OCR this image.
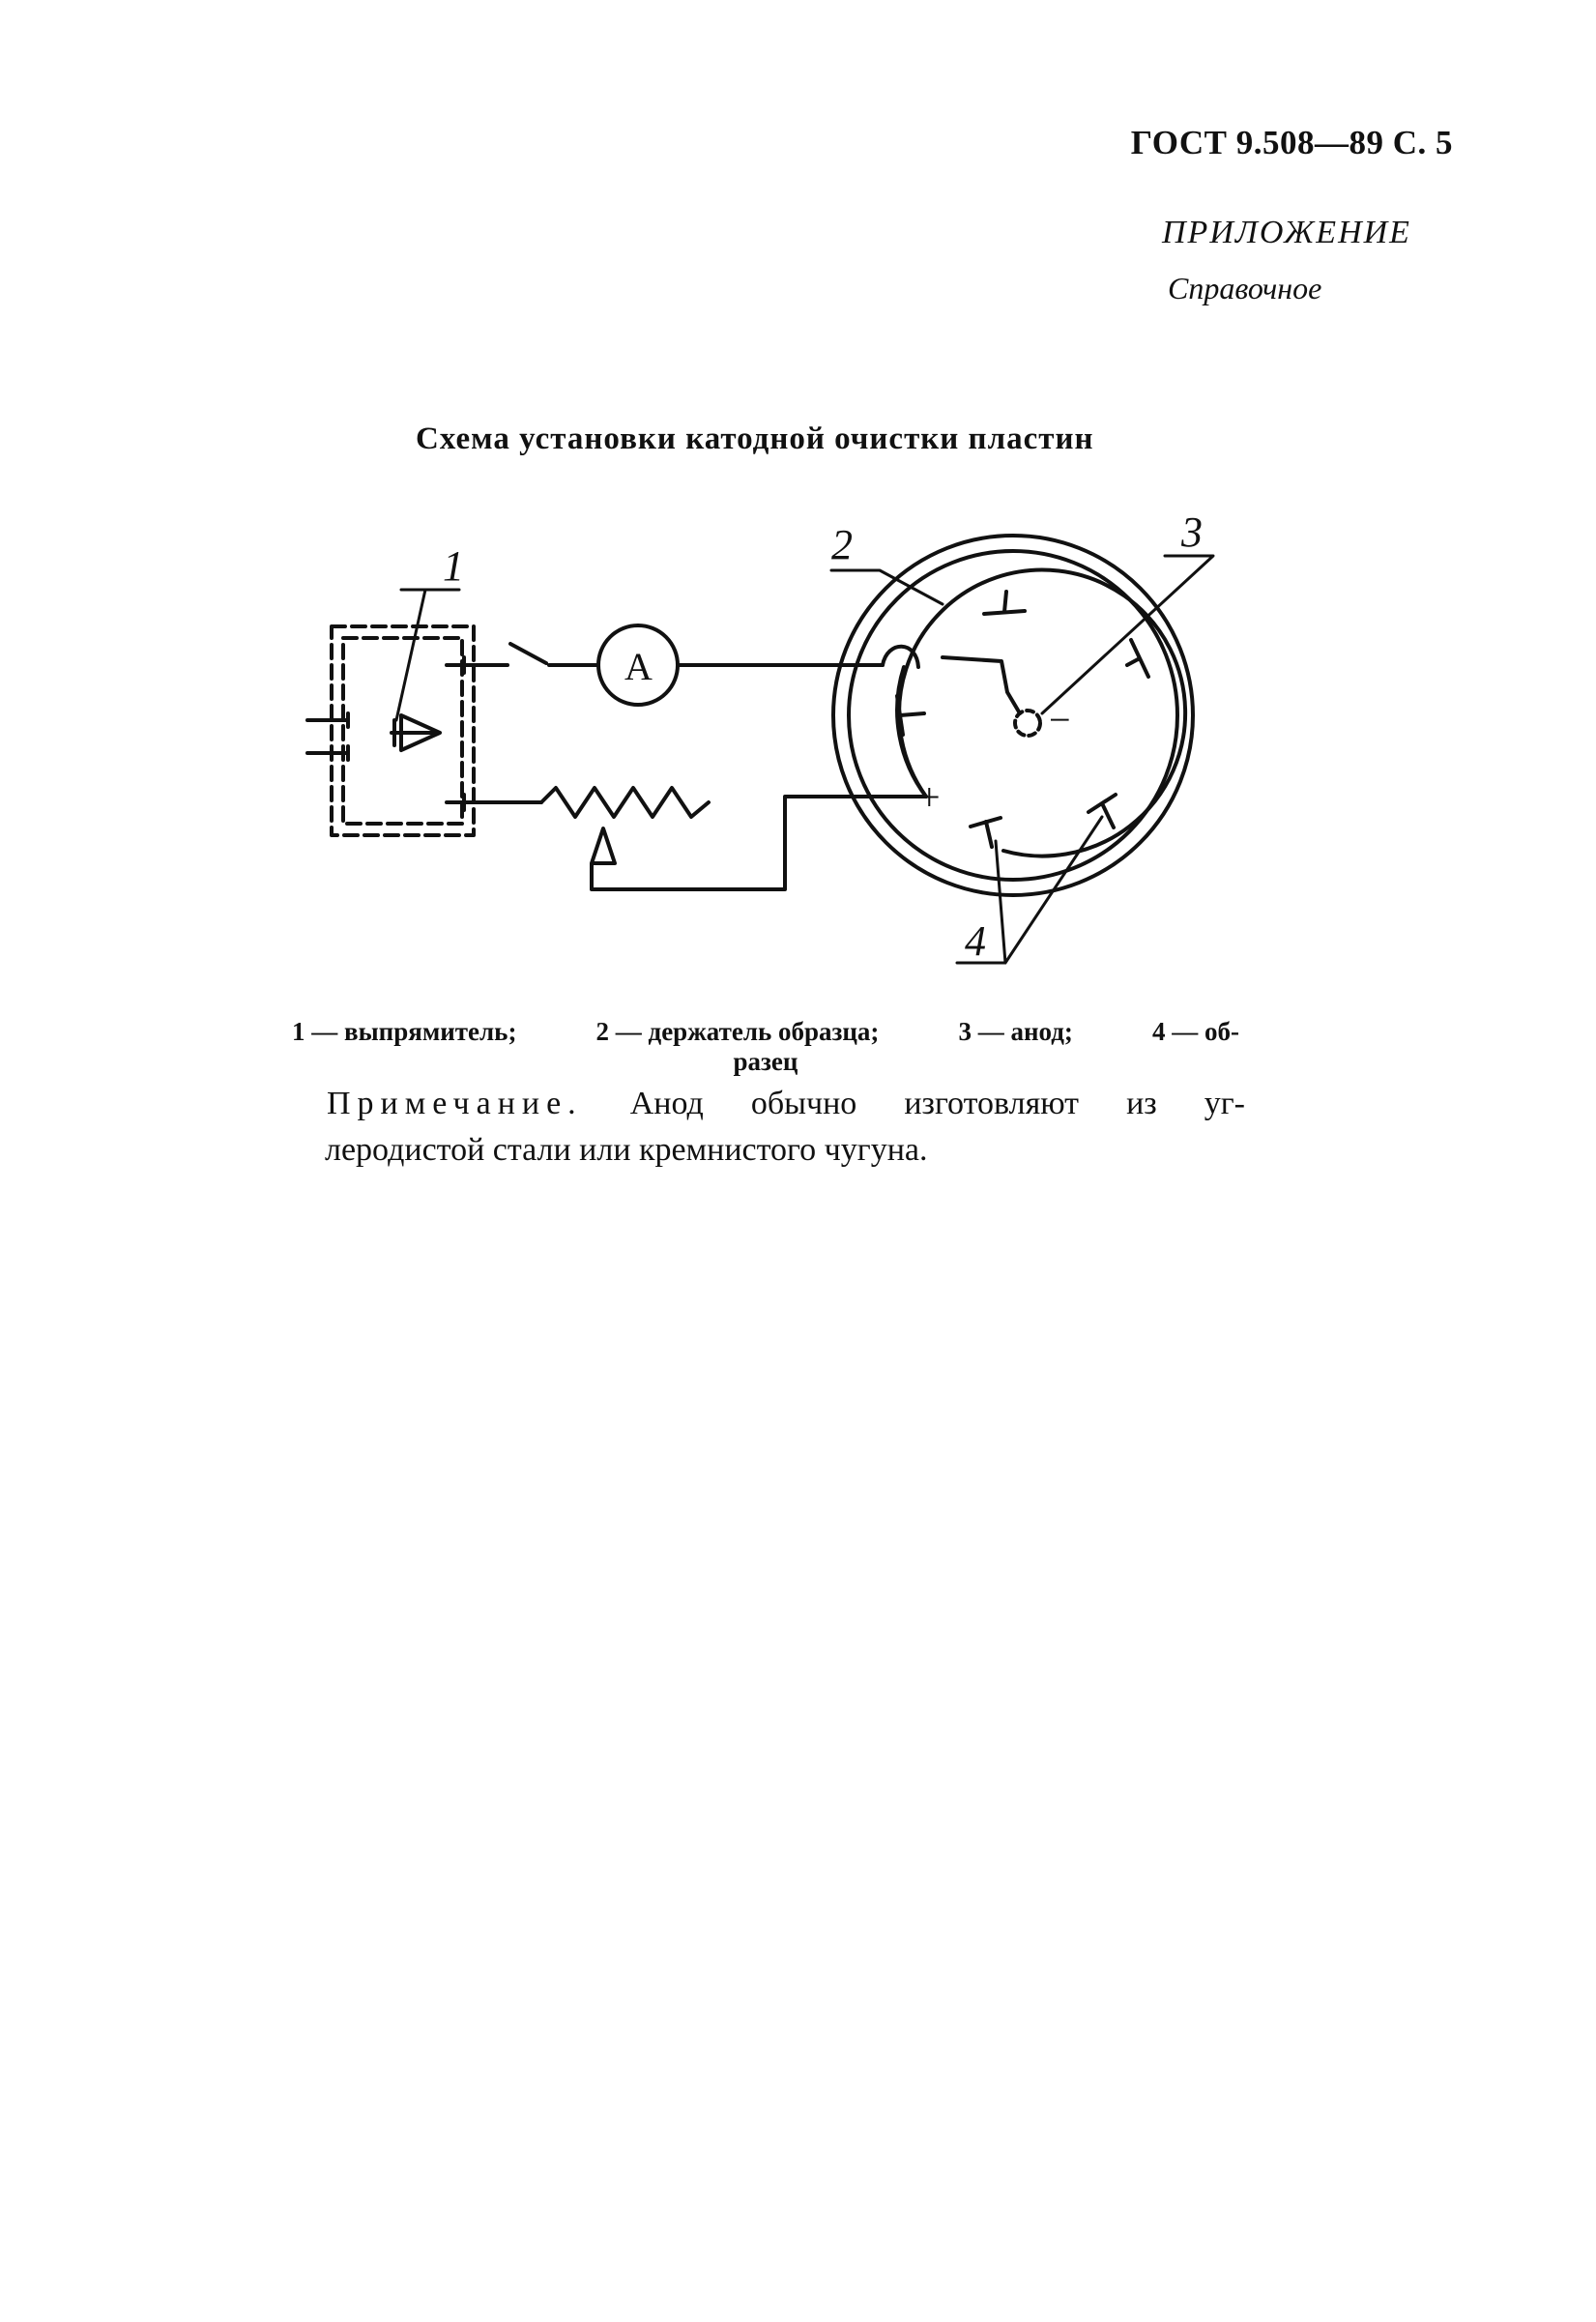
ГОСТ 9.508—89 С. 5
ПРИЛОЖЕНИЕ
Справочное
Схема установки катодной очистки пластин
1	2	3
4
A
+
−
1 — выпрямитель;	2 — держатель образца;	3 — анод;	4 — об-
разец
Примечание. Анод обычно изготовляют из уг-
леродистой стали или кремнистого чугуна.
